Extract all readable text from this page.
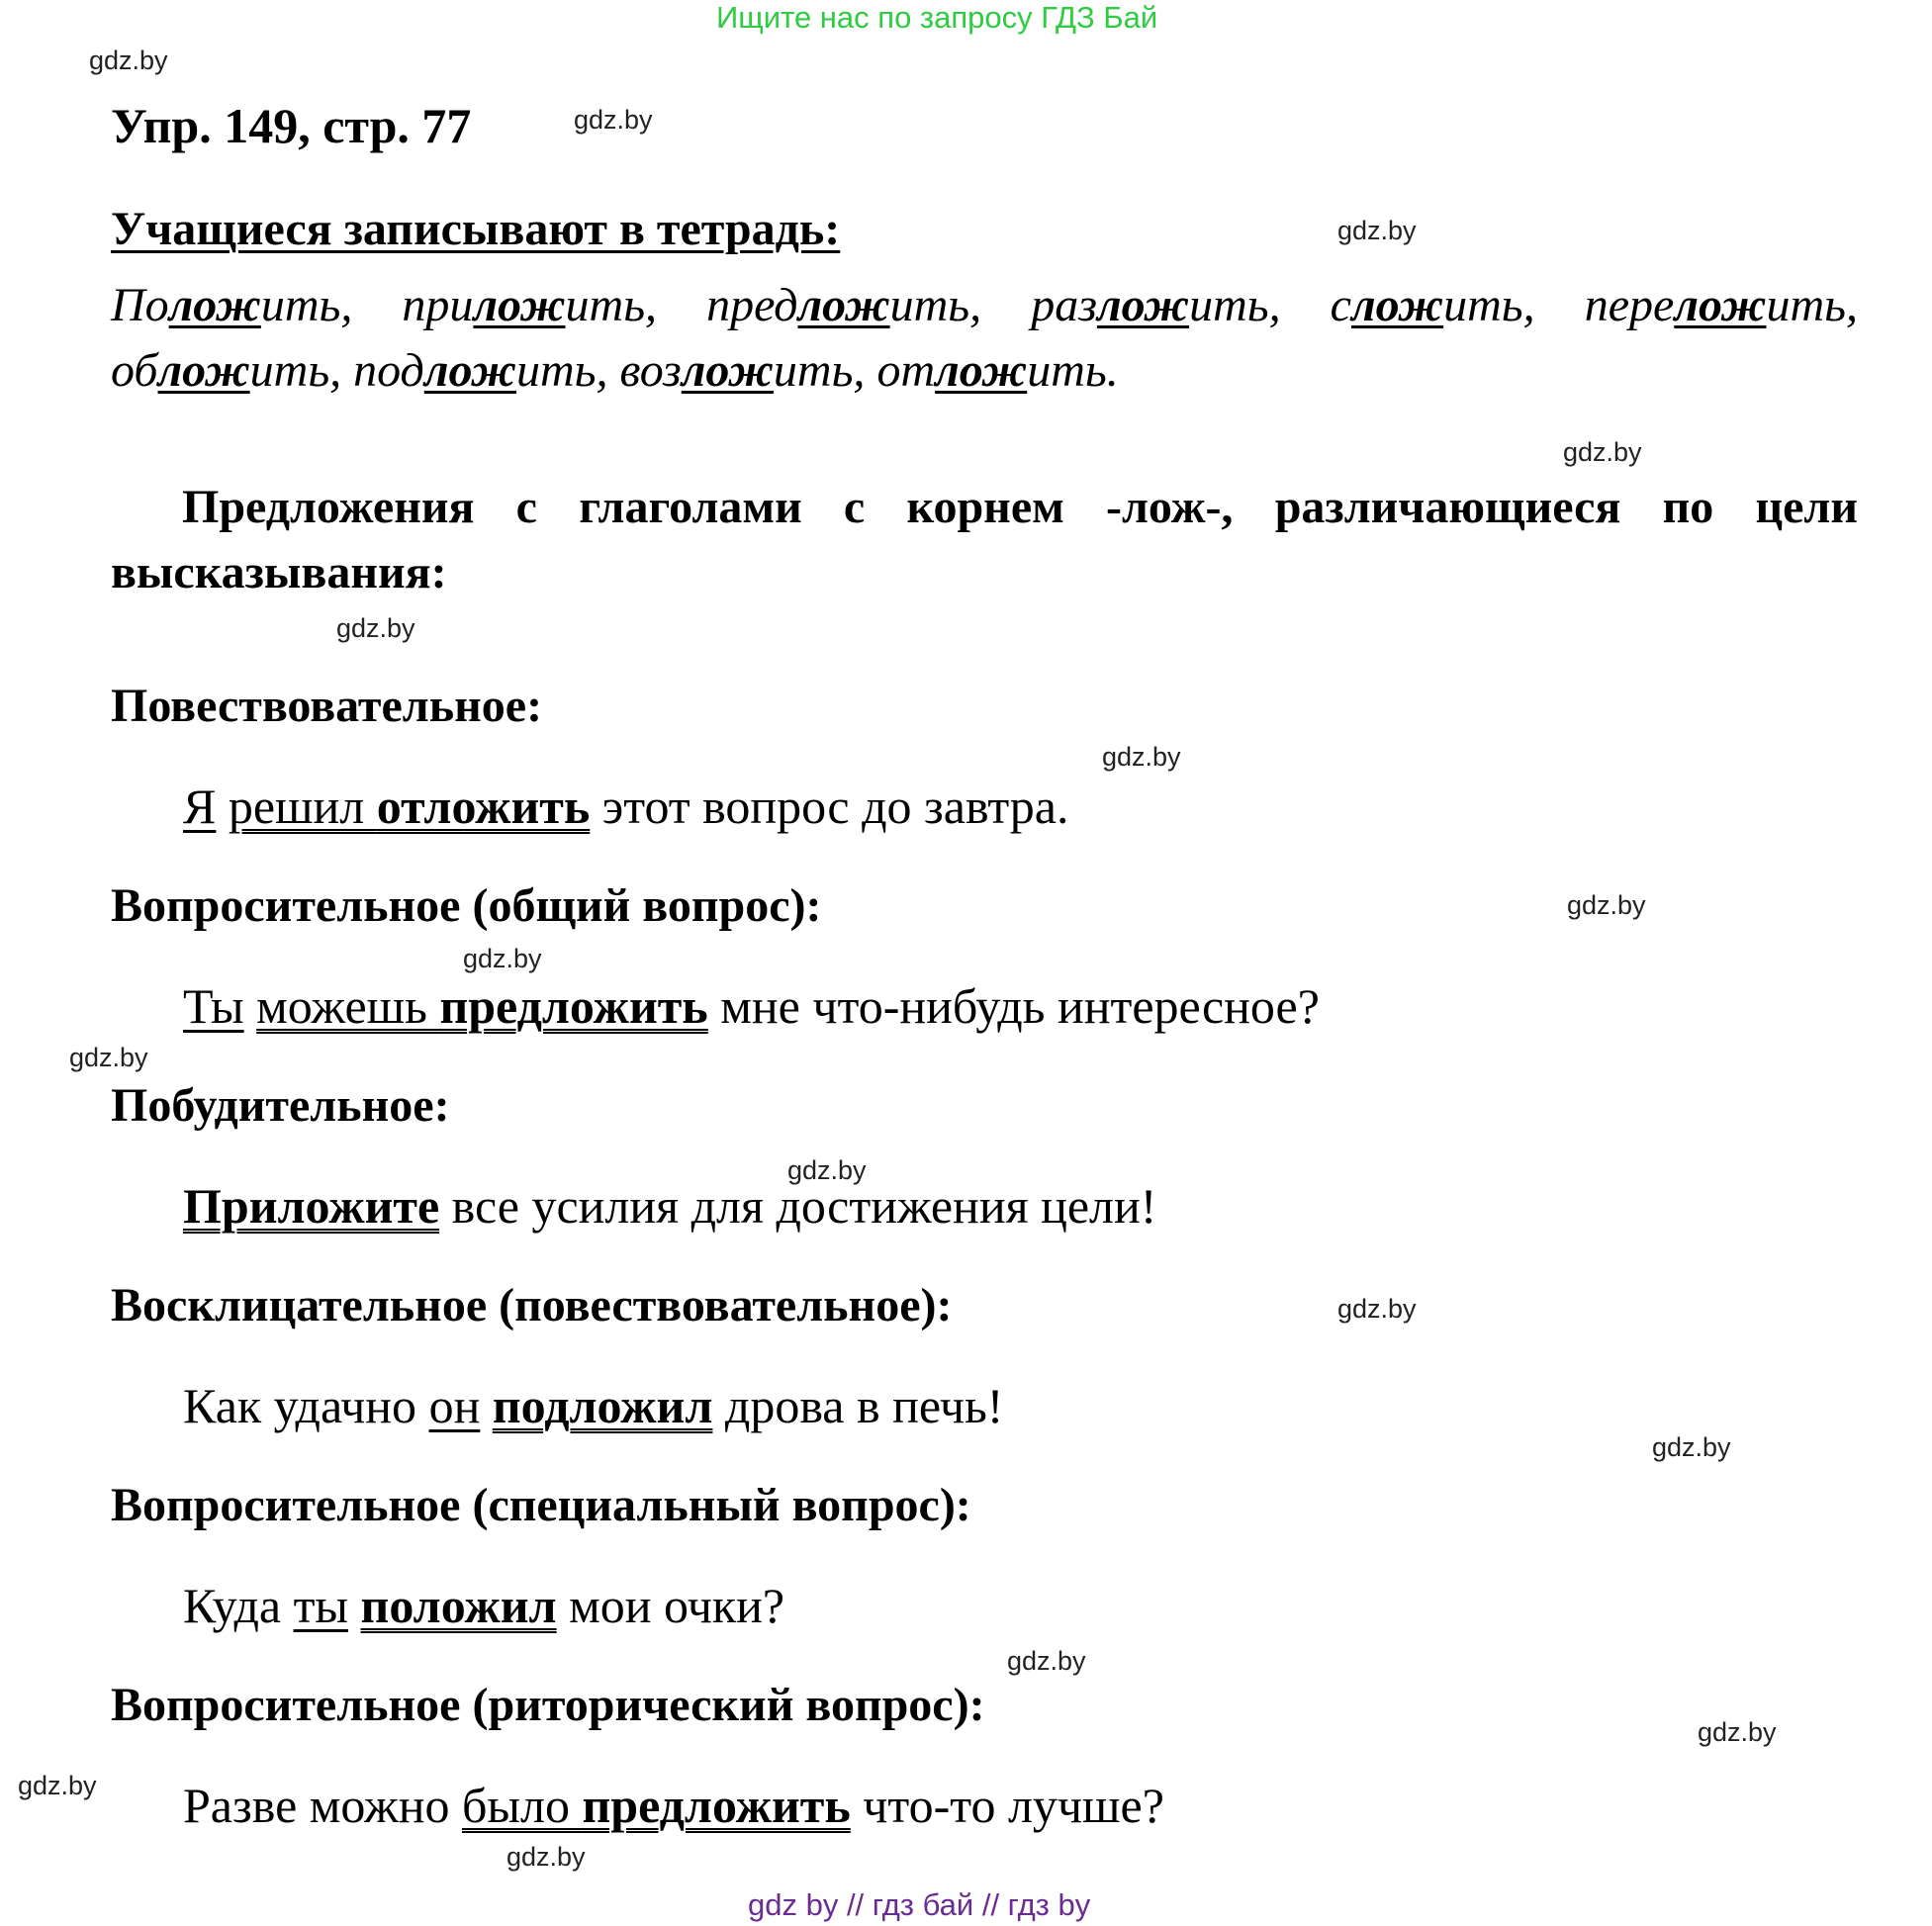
Ищите нас по запросу ГДЗ Бай
Упр. 149, стр. 77
Учащиеся записывают в тетрадь:
Положить, приложить, предложить, разложить, сложить, переложить, обложить, подложить, возложить, отложить.
Предложения с глаголами с корнем -лож-, различающиеся по цели высказывания:
Повествовательное:
Я решил отложить этот вопрос до завтра.
Вопросительное (общий вопрос):
Ты можешь предложить мне что-нибудь интересное?
Побудительное:
Приложите все усилия для достижения цели!
Восклицательное (повествовательное):
Как удачно он подложил дрова в печь!
Вопросительное (специальный вопрос):
Куда ты положил мои очки?
Вопросительное (риторический вопрос):
Разве можно было предложить что-то лучше?
gdz.by
gdz.by
gdz.by
gdz.by
gdz.by
gdz.by
gdz.by
gdz.by
gdz.by
gdz.by
gdz.by
gdz.by
gdz.by
gdz.by
gdz.by
gdz.by
gdz by // гдз бай // гдз by
